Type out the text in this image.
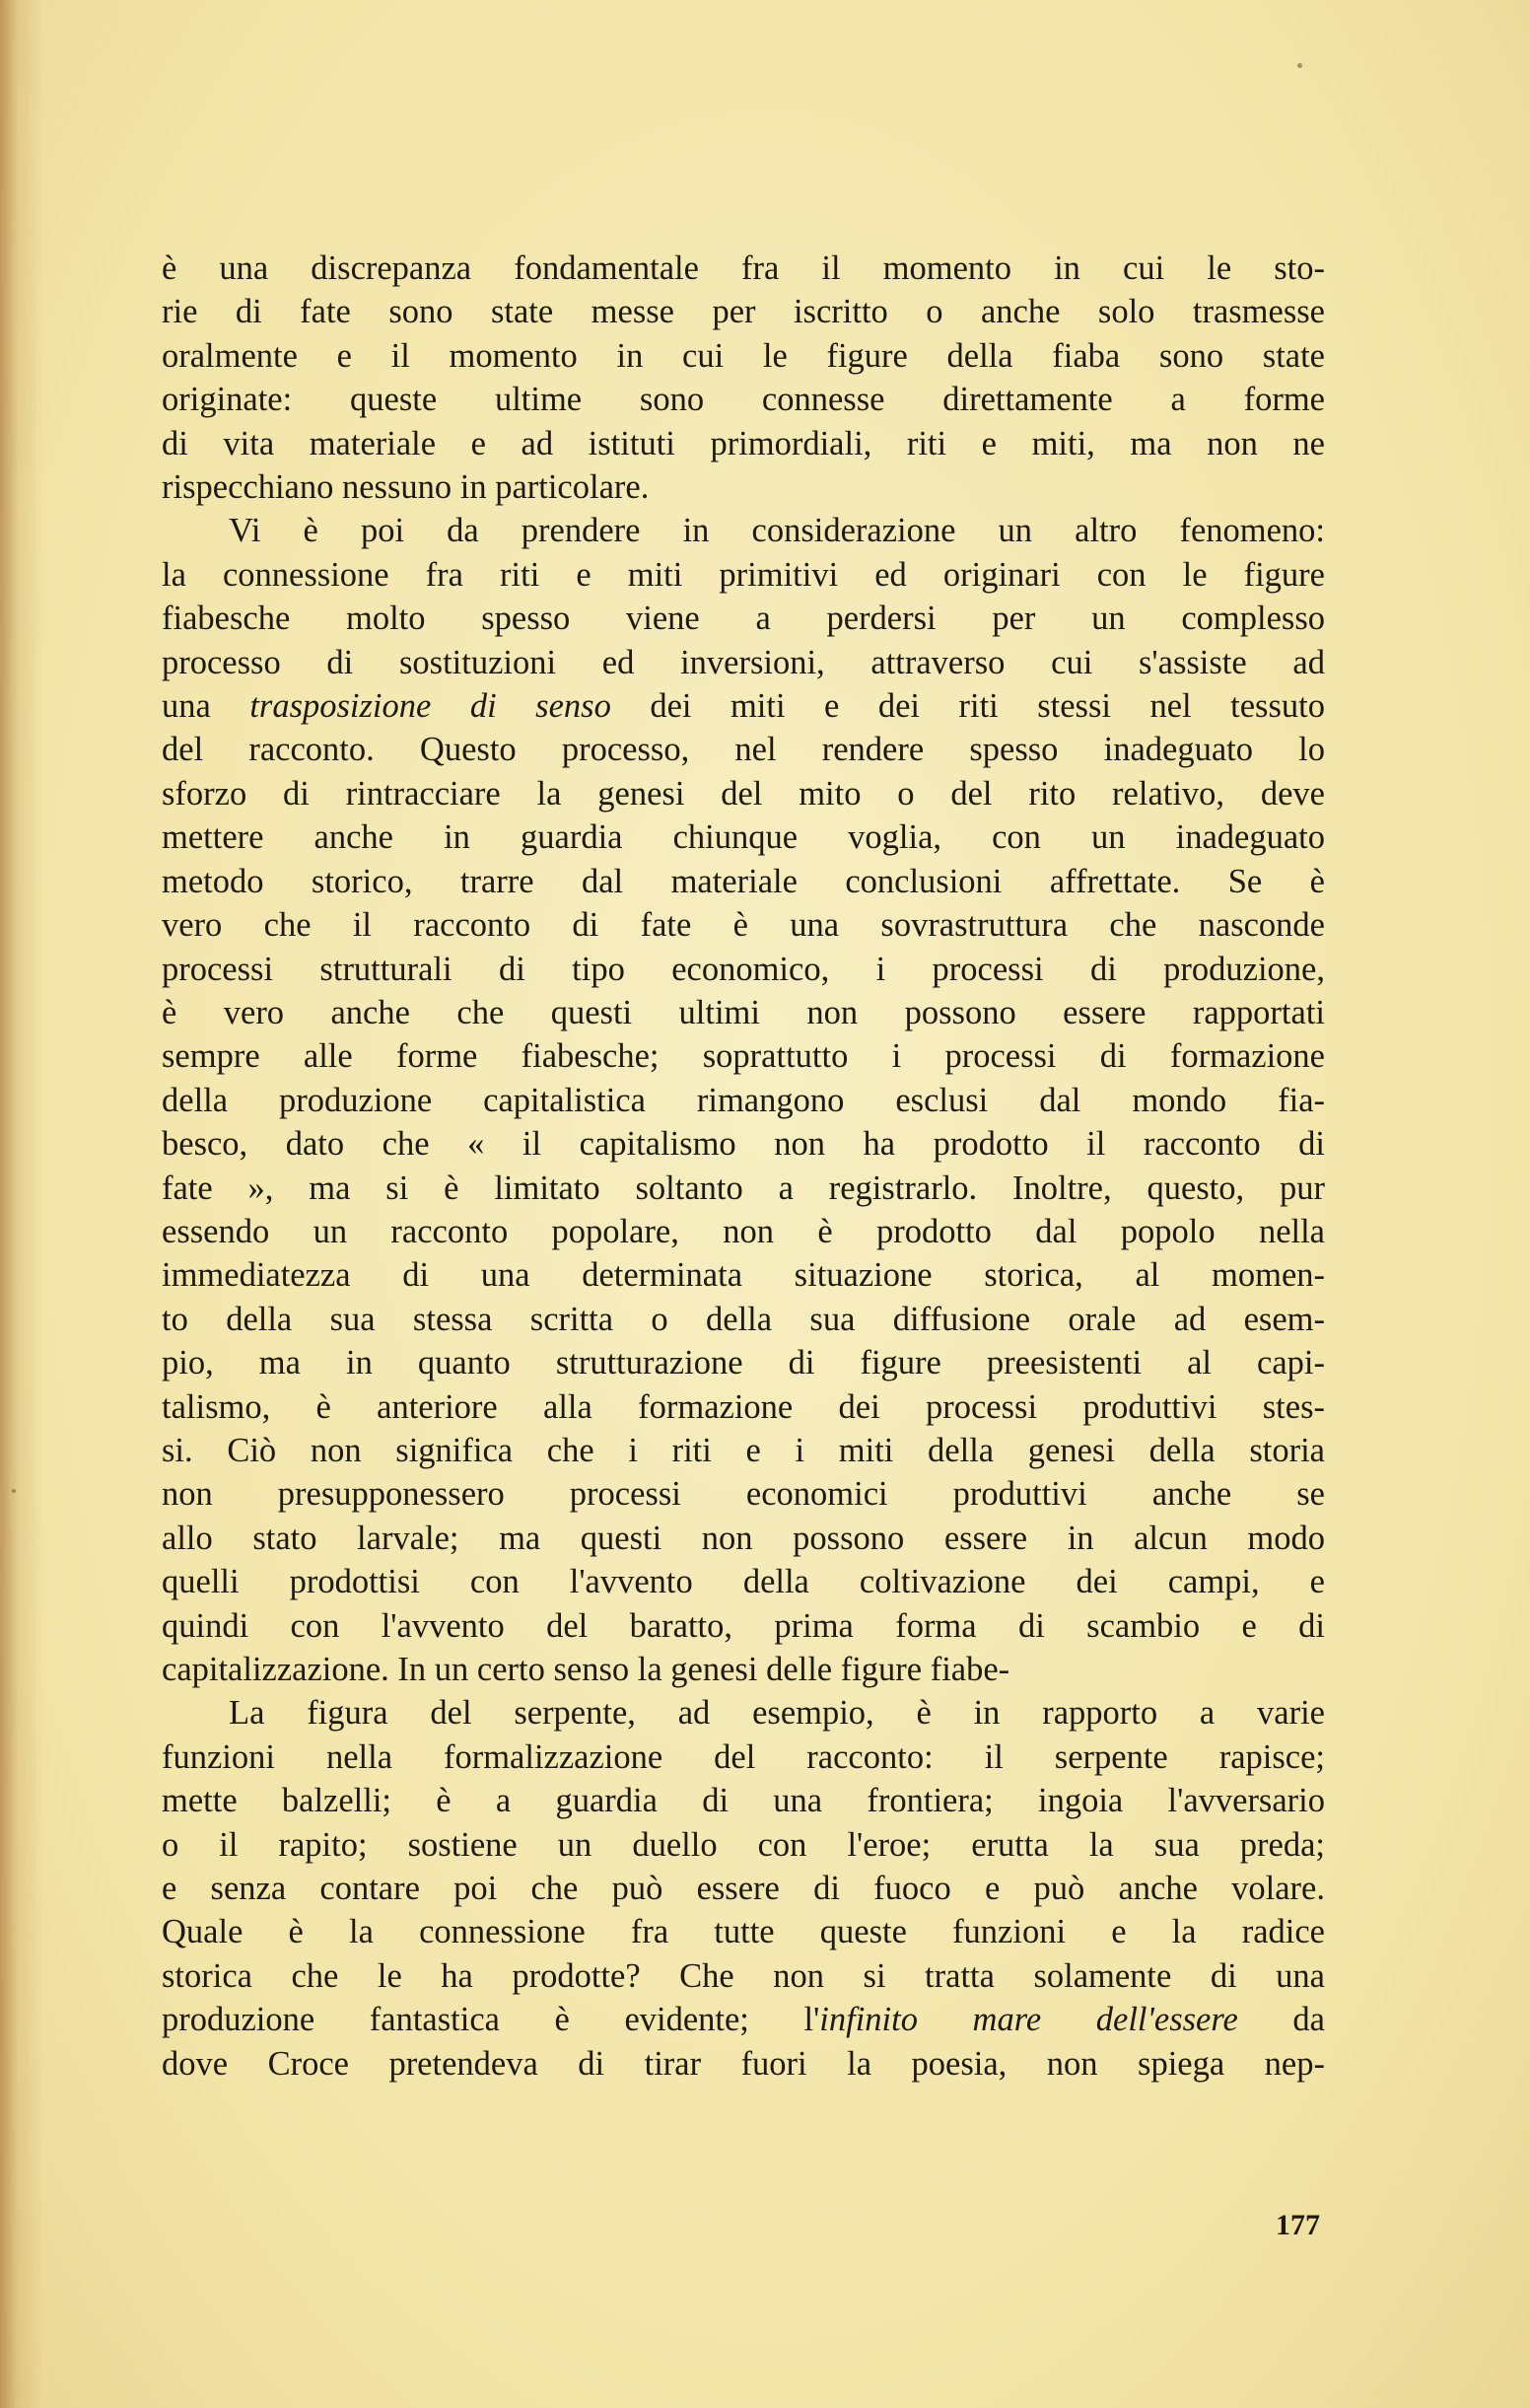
è una discrepanza fondamentale fra il momento in cui le sto-
rie di fate sono state messe per iscritto o anche solo trasmesse
oralmente e il momento in cui le figure della fiaba sono state
originate: queste ultime sono connesse direttamente a forme
di vita materiale e ad istituti primordiali, riti e miti, ma non ne
rispecchiano nessuno in particolare.
Vi è poi da prendere in considerazione un altro fenomeno:
la connessione fra riti e miti primitivi ed originari con le figure
fiabesche molto spesso viene a perdersi per un complesso
processo di sostituzioni ed inversioni, attraverso cui s'assiste ad
una trasposizione di senso dei miti e dei riti stessi nel tessuto
del racconto. Questo processo, nel rendere spesso inadeguato lo
sforzo di rintracciare la genesi del mito o del rito relativo, deve
mettere anche in guardia chiunque voglia, con un inadeguato
metodo storico, trarre dal materiale conclusioni affrettate. Se è
vero che il racconto di fate è una sovrastruttura che nasconde
processi strutturali di tipo economico, i processi di produzione,
è vero anche che questi ultimi non possono essere rapportati
sempre alle forme fiabesche; soprattutto i processi di formazione
della produzione capitalistica rimangono esclusi dal mondo fia-
besco, dato che « il capitalismo non ha prodotto il racconto di
fate », ma si è limitato soltanto a registrarlo. Inoltre, questo, pur
essendo un racconto popolare, non è prodotto dal popolo nella
immediatezza di una determinata situazione storica, al momen-
to della sua stessa scritta o della sua diffusione orale ad esem-
pio, ma in quanto strutturazione di figure preesistenti al capi-
talismo, è anteriore alla formazione dei processi produttivi stes-
si. Ciò non significa che i riti e i miti della genesi della storia
non presupponessero processi economici produttivi anche se
allo stato larvale; ma questi non possono essere in alcun modo
quelli prodottisi con l'avvento della coltivazione dei campi, e
quindi con l'avvento del baratto, prima forma di scambio e di
capitalizzazione. In un certo senso la genesi delle figure fiabe-
La figura del serpente, ad esempio, è in rapporto a varie
funzioni nella formalizzazione del racconto: il serpente rapisce;
mette balzelli; è a guardia di una frontiera; ingoia l'avversario
o il rapito; sostiene un duello con l'eroe; erutta la sua preda;
e senza contare poi che può essere di fuoco e può anche volare.
Quale è la connessione fra tutte queste funzioni e la radice
storica che le ha prodotte? Che non si tratta solamente di una
produzione fantastica è evidente; l'infinito mare dell'essere da
dove Croce pretendeva di tirar fuori la poesia, non spiega nep-
177
